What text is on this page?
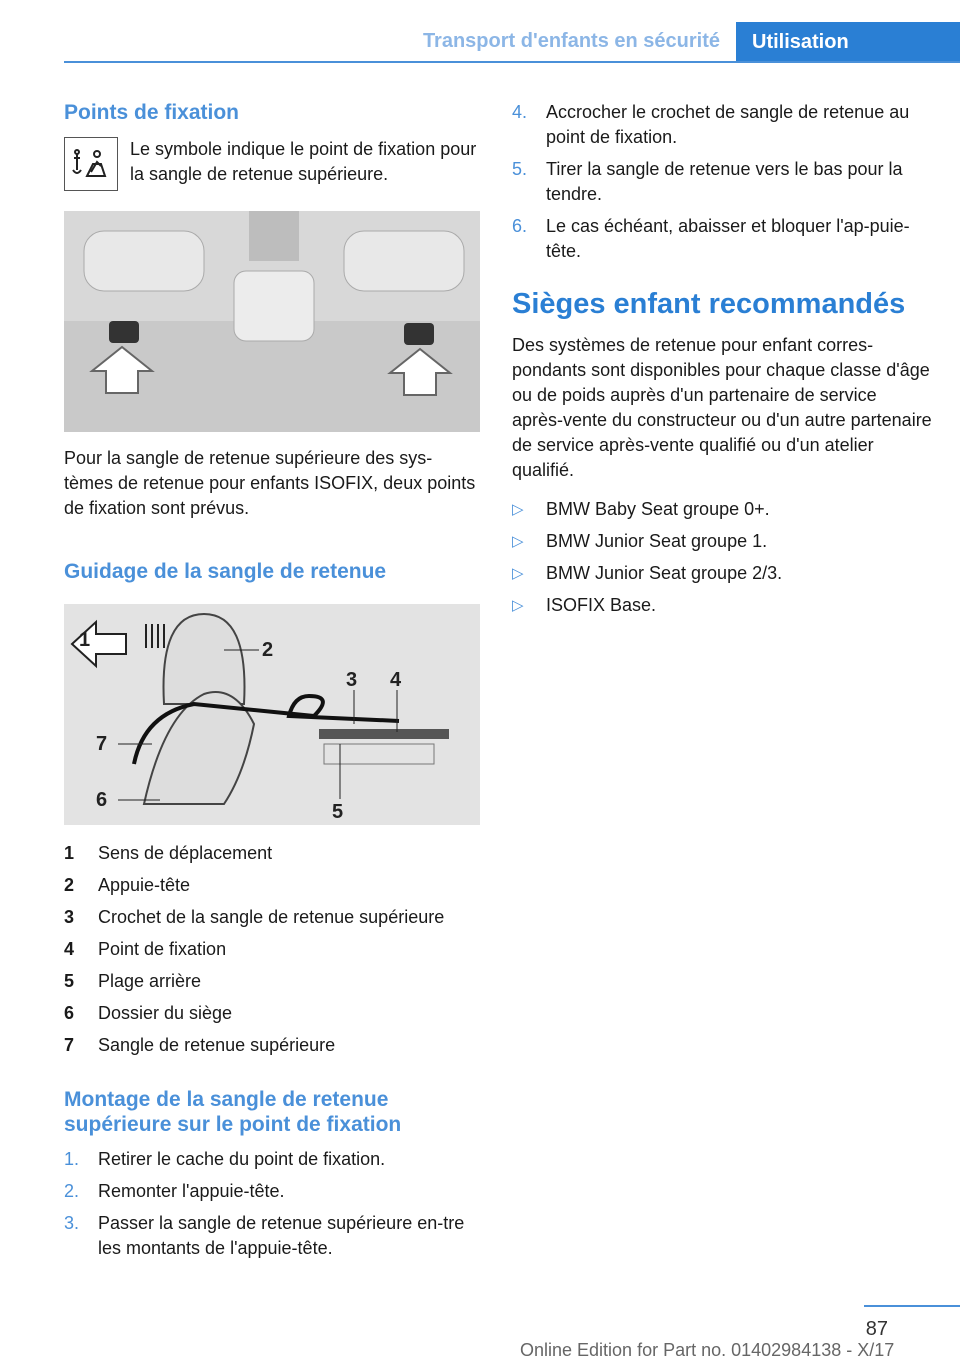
Transport d'enfants en sécurité	Utilisation
Points de fixation

Le symbole indique le point de fixation pour la sangle de retenue supérieure.

Pour la sangle de retenue supérieure des sys-tèmes de retenue pour enfants ISOFIX, deux points de fixation sont prévus.

Guidage de la sangle de retenue
1	2
3 4
5
6
7
1	Sens de déplacement
2	Appuie-tête
3	Crochet de la sangle de retenue supérieure
4	Point de fixation
5	Plage arrière
6	Dossier du siège
7	Sangle de retenue supérieure
Montage de la sangle de retenue supérieure sur le point de fixation
1.	Retirer le cache du point de fixation.
2.	Remonter l'appuie-tête.
3.	Passer la sangle de retenue supérieure en-tre les montants de l'appuie-tête.
4.	Accrocher le crochet de sangle de retenue au point de fixation.
5.	Tirer la sangle de retenue vers le bas pour la tendre.
6.	Le cas échéant, abaisser et bloquer l'ap-puie-tête.
Sièges enfant recommandés

Des systèmes de retenue pour enfant corres-pondants sont disponibles pour chaque classe d'âge ou de poids auprès d'un partenaire de service après-vente du constructeur ou d'un autre partenaire de service après-vente qualifié ou d'un atelier qualifié.

▷	BMW Baby Seat groupe 0+.
▷	BMW Junior Seat groupe 1.
▷	BMW Junior Seat groupe 2/3.
▷	ISOFIX Base.
87
Online Edition for Part no. 01402984138 - X/17
